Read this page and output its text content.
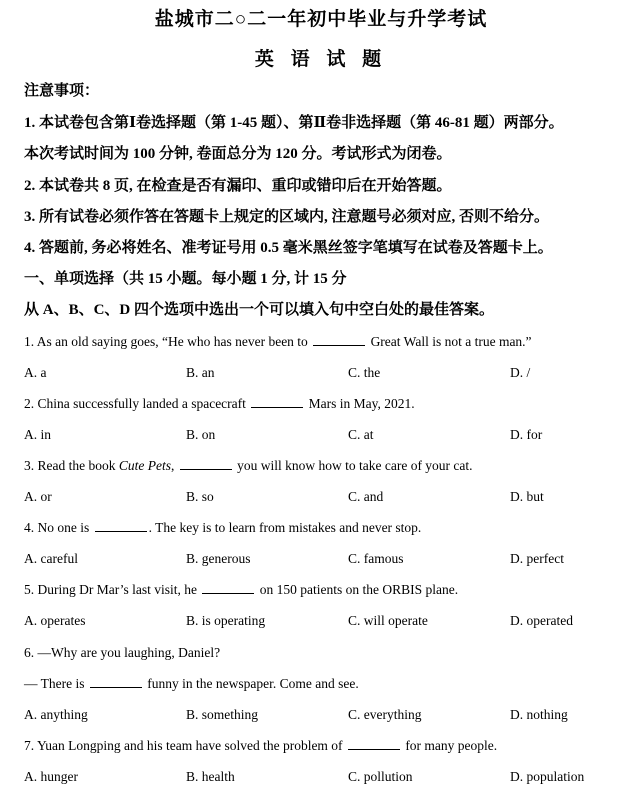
盐城市二○二一年初中毕业与升学考试
英 语 试 题
注意事项：
1. 本试卷包含第Ⅰ卷选择题（第 1-45 题）、第Ⅱ卷非选择题（第 46-81 题）两部分。
本次考试时间为 100 分钟, 卷面总分为 120 分。考试形式为闭卷。
2. 本试卷共 8 页, 在检查是否有漏印、重印或错印后在开始答题。
3. 所有试卷必须作答在答题卡上规定的区域内, 注意题号必须对应, 否则不给分。
4. 答题前, 务必将姓名、准考证号用 0.5 毫米黑丝签字笔填写在试卷及答题卡上。
一、单项选择（共 15 小题。每小题 1 分, 计 15 分
从 A、B、C、D 四个选项中选出一个可以填入句中空白处的最佳答案。
1. As an old saying goes, “He who has never been to	Great Wall is not a true man.”
A. a	B. an	C. the	D. /
2. China successfully landed a spacecraft	Mars in May, 2021.
A. in	B. on	C. at	D. for
3. Read the book Cute Pets,	you will know how to take care of your cat.
A. or	B. so	C. and	D. but
4. No one is	. The key is to learn from mistakes and never stop.
A. careful	B. generous	C. famous	D. perfect
5. During Dr Mar’s last visit, he	on 150 patients on the ORBIS plane.
A. operates	B. is operating	C. will operate	D. operated
6. —Why are you laughing, Daniel?
— There is	funny in the newspaper. Come and see.
A. anything	B. something	C. everything	D. nothing
7. Yuan Longping and his team have solved the problem of	for many people.
A. hunger	B. health	C. pollution	D. population
